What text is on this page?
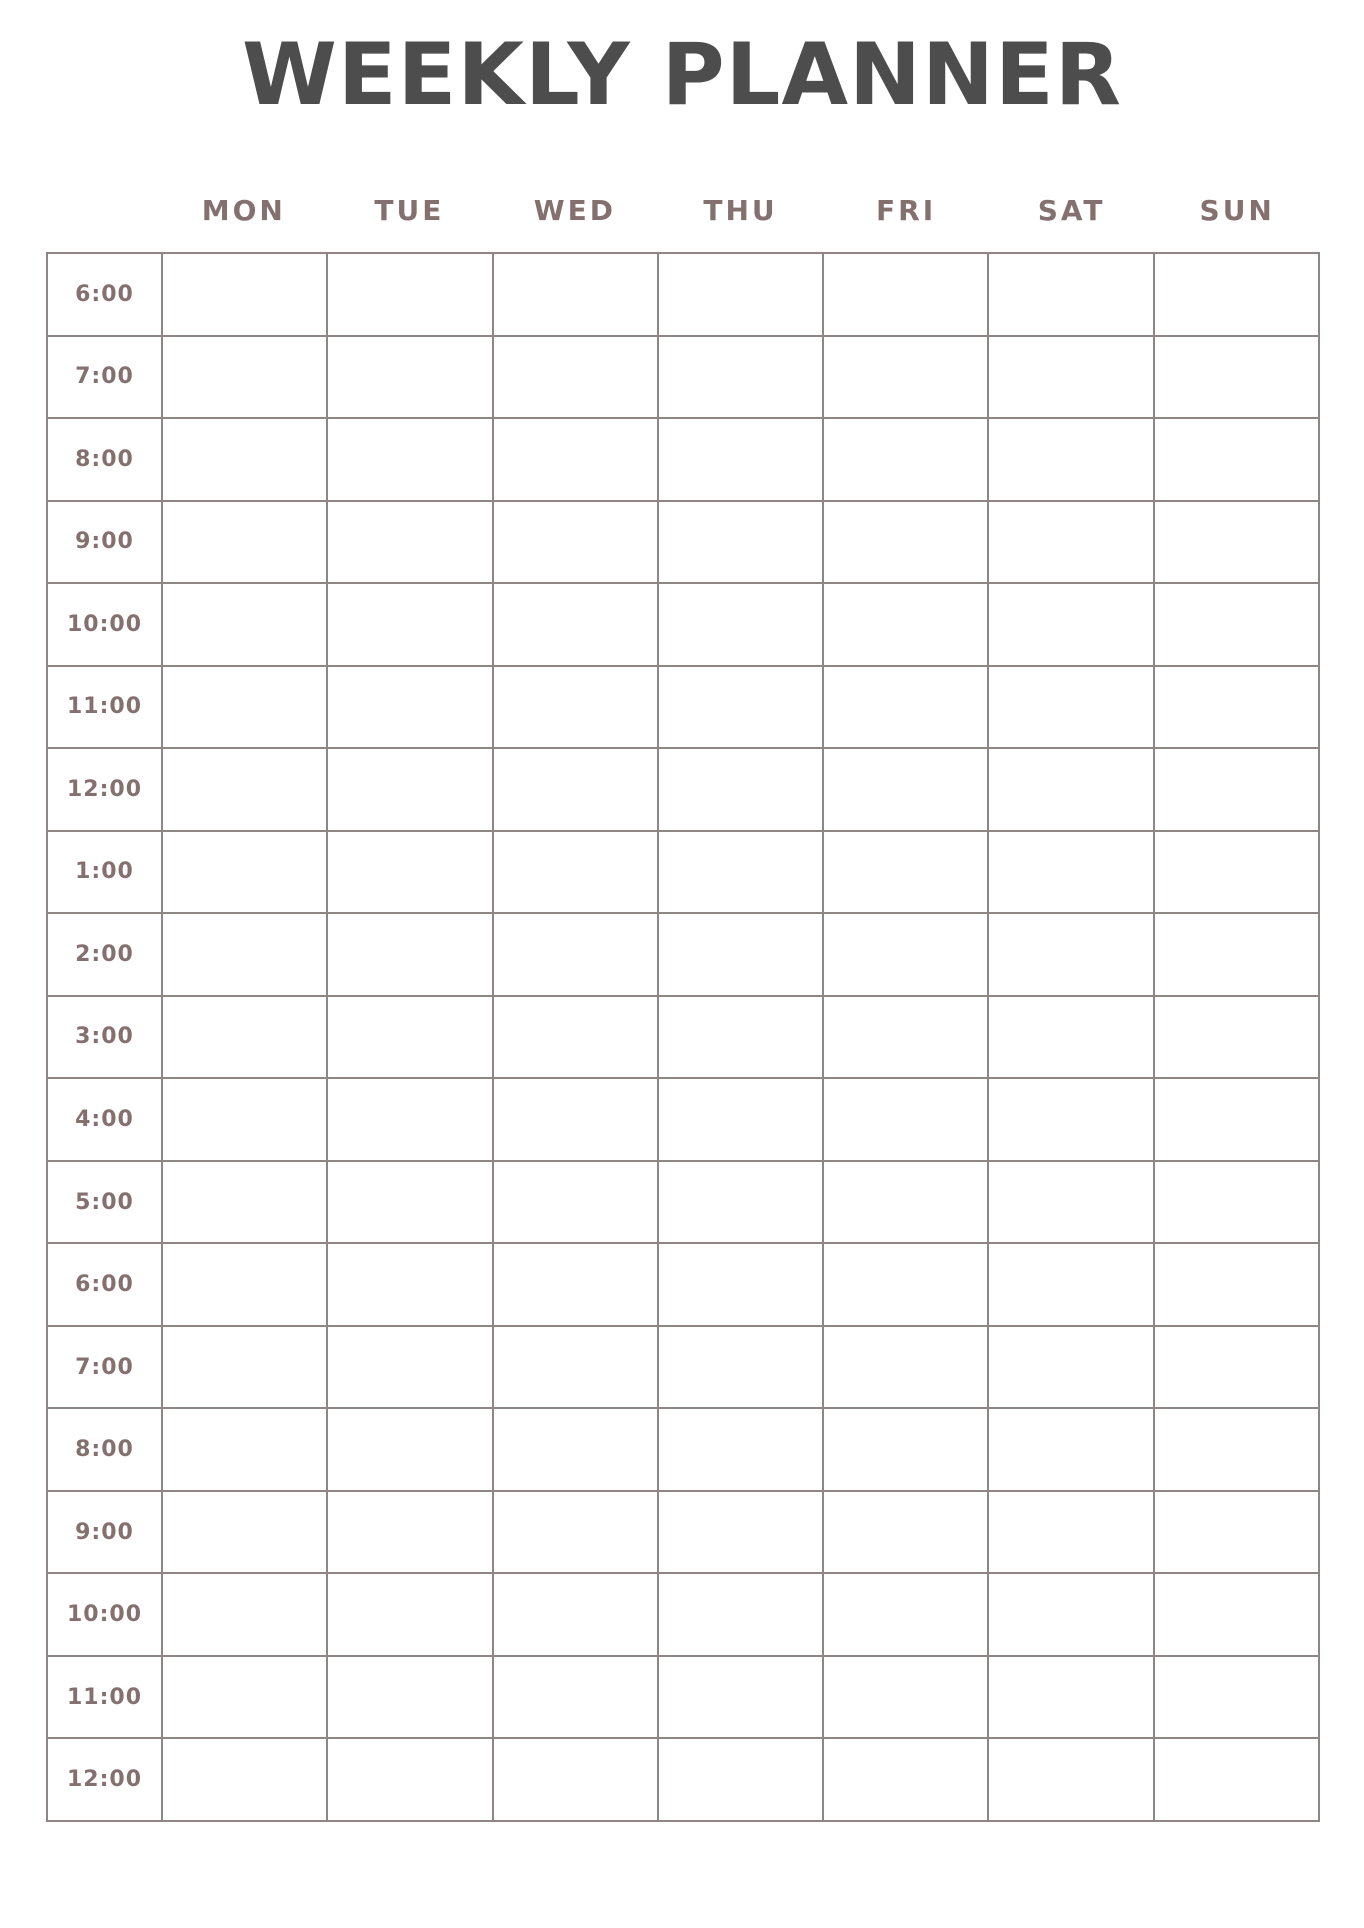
WEEKLY PLANNER
MON	TUE	WED	THU	FRI	SAT	SUN
6:00
7:00
8:00
9:00
10:00
11:00
12:00
1:00
2:00
3:00
4:00
5:00
6:00
7:00
8:00
9:00
10:00
11:00
12:00
